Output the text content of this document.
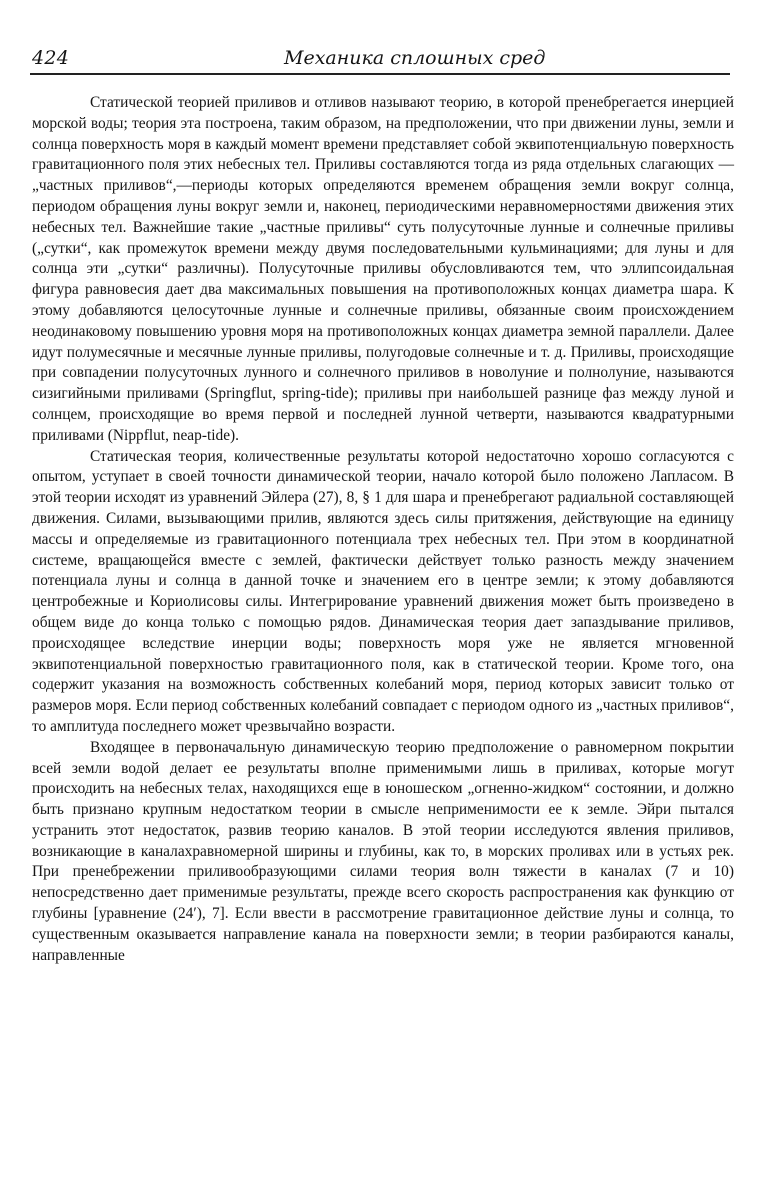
424	Механика сплошных сред

Статической теорией приливов и отливов называют теорию, в которой пренебрегается инерцией морской воды; теория эта построена, таким образом, на предположении, что при движении луны, земли и солнца поверхность моря в каждый момент времени представляет собой эквипотенциальную поверхность гравитационного поля этих небесных тел. Приливы составляются тогда из ряда отдельных слагающих — „частных приливов“,—периоды которых определяются временем обращения земли вокруг солнца, периодом обращения луны вокруг земли и, наконец, периодическими неравномерностями движения этих небесных тел. Важнейшие такие „частные приливы“ суть полусуточные лунные и солнечные приливы („сутки“, как промежуток времени между двумя последовательными кульминациями; для луны и для солнца эти „сутки“ различны). Полусуточные приливы обусловливаются тем, что эллипсоидальная фигура равновесия дает два максимальных повышения на противоположных концах диаметра шара. К этому добавляются целосуточные лунные и солнечные приливы, обязанные своим происхождением неодинаковому повышению уровня моря на противоположных концах диаметра земной параллели. Далее идут полумесячные и месячные лунные приливы, полугодовые солнечные и т. д. Приливы, происходящие при совпадении полусуточных лунного и солнечного приливов в новолуние и полнолуние, называются сизигийными приливами (Springflut, spring-tide); приливы при наибольшей разнице фаз между луной и солнцем, происходящие во время первой и последней лунной четверти, называются квадратурными приливами (Nippflut, neap-tide).

Статическая теория, количественные результаты которой недостаточно хорошо согласуются с опытом, уступает в своей точности динамической теории, начало которой было положено Лапласом. В этой теории исходят из уравнений Эйлера (27), 8, § 1 для шара и пренебрегают радиальной составляющей движения. Силами, вызывающими прилив, являются здесь силы притяжения, действующие на единицу массы и определяемые из гравитационного потенциала трех небесных тел. При этом в координатной системе, вращающейся вместе с землей, фактически действует только разность между значением потенциала луны и солнца в данной точке и значением его в центре земли; к этому добавляются центробежные и Кориолисовы силы. Интегрирование уравнений движения может быть произведено в общем виде до конца только с помощью рядов. Динамическая теория дает запаздывание приливов, происходящее вследствие инерции воды; поверхность моря уже не является мгновенной эквипотенциальной поверхностью гравитационного поля, как в статической теории. Кроме того, она содержит указания на возможность собственных колебаний моря, период которых зависит только от размеров моря. Если период собственных колебаний совпадает с периодом одного из „частных приливов“, то амплитуда последнего может чрезвычайно возрасти.

Входящее в первоначальную динамическую теорию предположение о равномерном покрытии всей земли водой делает ее результаты вполне применимыми лишь в приливах, которые могут происходить на небесных телах, находящихся еще в юношеском „огненно-жидком“ состоянии, и должно быть признано крупным недостатком теории в смысле неприменимости ее к земле. Эйри пытался устранить этот недостаток, развив теорию каналов. В этой теории исследуются явления приливов, возникающие в каналахравномерной ширины и глубины, как то, в морских проливах или в устьях рек. При пренебрежении приливообразующими силами теория волн тяжести в каналах (7 и 10) непосредственно дает применимые результаты, прежде всего скорость распространения как функцию от глубины [уравнение (24′), 7]. Если ввести в рассмотрение гравитационное действие луны и солнца, то существенным оказывается направление канала на поверхности земли; в теории разбираются каналы, направленные
